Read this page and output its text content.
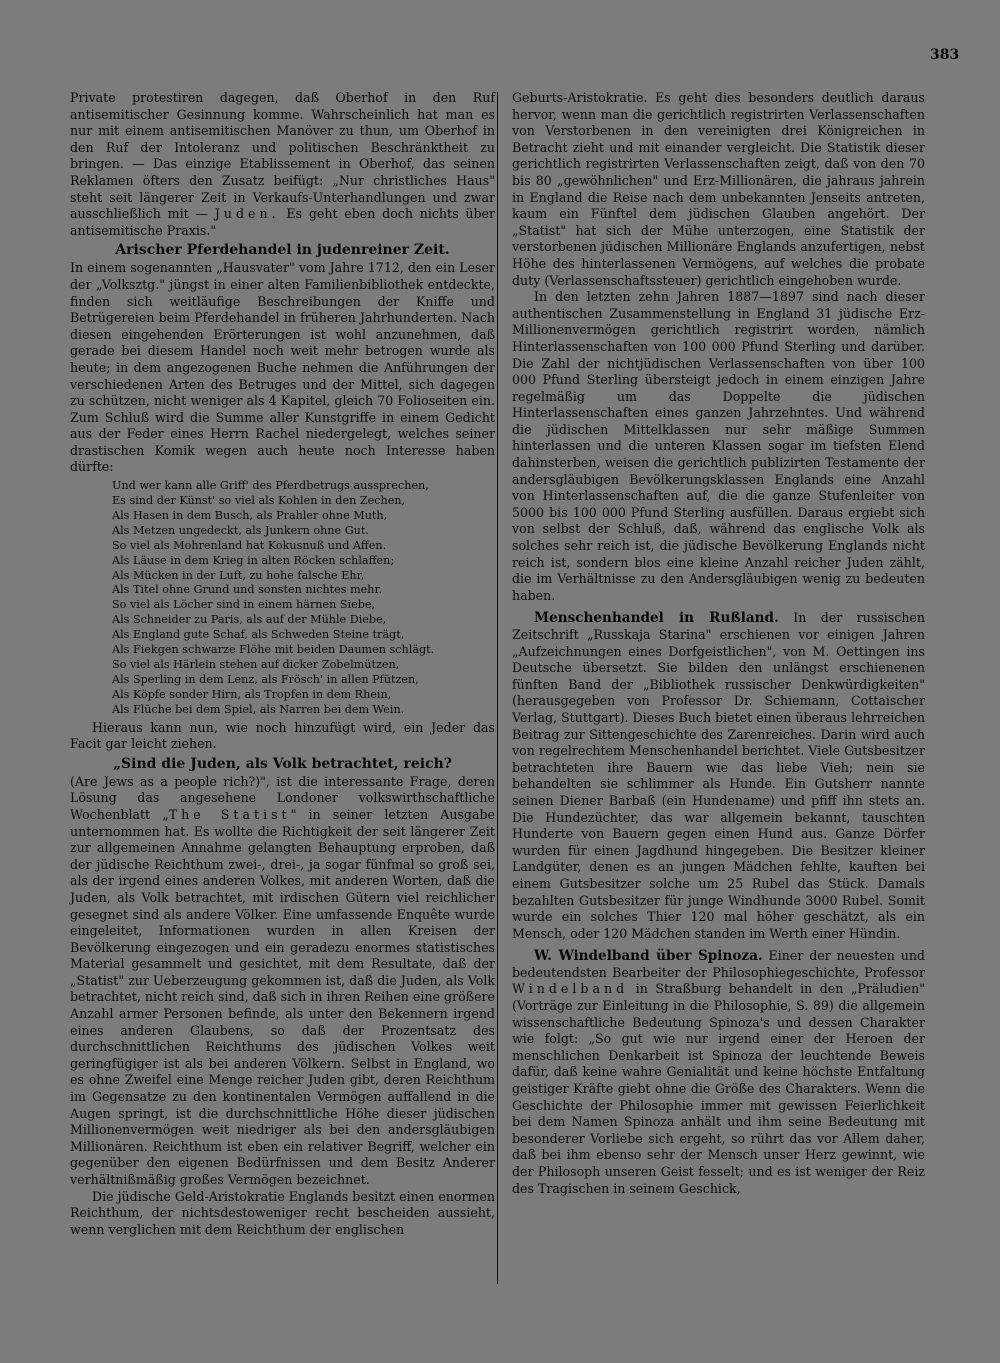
383

Private protestiren dagegen, daß Oberhof in den Ruf antisemitischer Gesinnung komme. Wahrscheinlich hat man es nur mit einem antisemitischen Manöver zu thun, um Oberhof in den Ruf der Intoleranz und politischen Beschränktheit zu bringen. — Das einzige Etablissement in Oberhof, das seinen Reklamen öfters den Zusatz beifügt: „Nur christliches Haus" steht seit längerer Zeit in Verkaufs-Unterhandlungen und zwar ausschließlich mit — Juden. Es geht eben doch nichts über antisemitische Praxis."

Arischer Pferdehandel in judenreiner Zeit.

In einem sogenannten „Hausvater" vom Jahre 1712, den ein Leser der „Volksztg." jüngst in einer alten Familienbibliothek entdeckte, finden sich weitläufige Beschreibungen der Kniffe und Betrügereien beim Pferdehandel in früheren Jahrhunderten. Nach diesen eingehenden Erörterungen ist wohl anzunehmen, daß gerade bei diesem Handel noch weit mehr betrogen wurde als heute; in dem angezogenen Buche nehmen die Anführungen der verschiedenen Arten des Betruges und der Mittel, sich dagegen zu schützen, nicht weniger als 4 Kapitel, gleich 70 Folioseiten ein. Zum Schluß wird die Summe aller Kunstgriffe in einem Gedicht aus der Feder eines Herrn Rachel niedergelegt, welches seiner drastischen Komik wegen auch heute noch Interesse haben dürfte:

Und wer kann alle Griff' des Pferdbetrugs aussprechen,
Es sind der Künst' so viel als Kohlen in den Zechen,
Als Hasen in dem Busch, als Prahler ohne Muth,
Als Metzen ungedeckt, als Junkern ohne Gut.
So viel als Mohrenland hat Kokusnuß und Affen.
Als Läuse in dem Krieg in alten Röcken schlaffen;
Als Mücken in der Luft, zu hohe falsche Ehr,
Als Titel ohne Grund und sonsten nichtes mehr.
So viel als Löcher sind in einem härnen Siebe,
Als Schneider zu Paris, als auf der Mühle Diebe,
Als England gute Schaf, als Schweden Steine trägt,
Als Fiekgen schwarze Flöhe mit beiden Daumen schlägt.
So viel als Härlein stehen auf dicker Zobelmützen,
Als Sperling in dem Lenz, als Frösch' in allen Pfützen,
Als Köpfe sonder Hirn, als Tropfen in dem Rhein,
Als Flüche bei dem Spiel, als Narren bei dem Wein.

Hieraus kann nun, wie noch hinzufügt wird, ein Jeder das Facit gar leicht ziehen.

„Sind die Juden, als Volk betrachtet, reich?

(Are Jews as a people rich?)", ist die interessante Frage, deren Lösung das angesehene Londoner volkswirthschaftliche Wochenblatt „The Statist" in seiner letzten Ausgabe unternommen hat. Es wollte die Richtigkeit der seit längerer Zeit zur allgemeinen Annahme gelangten Behauptung erproben, daß der jüdische Reichthum zwei-, drei-, ja sogar fünfmal so groß sei, als der irgend eines anderen Volkes, mit anderen Worten, daß die Juden, als Volk betrachtet, mit irdischen Gütern viel reichlicher gesegnet sind als andere Völker. Eine umfassende Enquête wurde eingeleitet, Informationen wurden in allen Kreisen der Bevölkerung eingezogen und ein geradezu enormes statistisches Material gesammelt und gesichtet, mit dem Resultate, daß der „Statist" zur Ueberzeugung gekommen ist, daß die Juden, als Volk betrachtet, nicht reich sind, daß sich in ihren Reihen eine größere Anzahl armer Personen befinde, als unter den Bekennern irgend eines anderen Glaubens, so daß der Prozentsatz des durchschnittlichen Reichthums des jüdischen Volkes weit geringfügiger ist als bei anderen Völkern. Selbst in England, wo es ohne Zweifel eine Menge reicher Juden gibt, deren Reichthum im Gegensatze zu den kontinentalen Vermögen auffallend in die Augen springt, ist die durchschnittliche Höhe dieser jüdischen Millionenvermögen weit niedriger als bei den andersgläubigen Millionären. Reichthum ist eben ein relativer Begriff, welcher ein gegenüber den eigenen Bedürfnissen und dem Besitz Anderer verhältnißmäßig großes Vermögen bezeichnet.

Die jüdische Geld-Aristokratie Englands besitzt einen enormen Reichthum, der nichtsdestoweniger recht bescheiden aussieht, wenn verglichen mit dem Reichthum der englischen

Geburts-Aristokratie. Es geht dies besonders deutlich daraus hervor, wenn man die gerichtlich registrirten Verlassenschaften von Verstorbenen in den vereinigten drei Königreichen in Betracht zieht und mit einander vergleicht. Die Statistik dieser gerichtlich registrirten Verlassenschaften zeigt, daß von den 70 bis 80 „gewöhnlichen" und Erz-Millionären, die jahraus jahrein in England die Reise nach dem unbekannten Jenseits antreten, kaum ein Fünftel dem jüdischen Glauben angehört. Der „Statist" hat sich der Mühe unterzogen, eine Statistik der verstorbenen jüdischen Millionäre Englands anzufertigen, nebst Höhe des hinterlassenen Vermögens, auf welches die probate duty (Verlassenschaftssteuer) gerichtlich eingehoben wurde.

In den letzten zehn Jahren 1887—1897 sind nach dieser authentischen Zusammenstellung in England 31 jüdische Erz-Millionenvermögen gerichtlich registrirt worden, nämlich Hinterlassenschaften von 100 000 Pfund Sterling und darüber. Die Zahl der nichtjüdischen Verlassenschaften von über 100 000 Pfund Sterling übersteigt jedoch in einem einzigen Jahre regelmäßig um das Doppelte die jüdischen Hinterlassenschaften eines ganzen Jahrzehntes. Und während die jüdischen Mittelklassen nur sehr mäßige Summen hinterlassen und die unteren Klassen sogar im tiefsten Elend dahinsterben, weisen die gerichtlich publizirten Testamente der andersgläubigen Bevölkerungsklassen Englands eine Anzahl von Hinterlassenschaften auf, die die ganze Stufenleiter von 5000 bis 100 000 Pfund Sterling ausfüllen. Daraus ergiebt sich von selbst der Schluß, daß, während das englische Volk als solches sehr reich ist, die jüdische Bevölkerung Englands nicht reich ist, sondern blos eine kleine Anzahl reicher Juden zählt, die im Verhältnisse zu den Andersgläubigen wenig zu bedeuten haben.

Menschenhandel in Rußland. In der russischen Zeitschrift „Russkaja Starina" erschienen vor einigen Jahren „Aufzeichnungen eines Dorfgeistlichen", von M. Oettingen ins Deutsche übersetzt. Sie bilden den unlängst erschienenen fünften Band der „Bibliothek russischer Denkwürdigkeiten" (herausgegeben von Professor Dr. Schiemann, Cottaischer Verlag, Stuttgart). Dieses Buch bietet einen überaus lehrreichen Beitrag zur Sittengeschichte des Zarenreiches. Darin wird auch von regelrechtem Menschenhandel berichtet. Viele Gutsbesitzer betrachteten ihre Bauern wie das liebe Vieh; nein sie behandelten sie schlimmer als Hunde. Ein Gutsherr nannte seinen Diener Barbaß (ein Hundename) und pfiff ihn stets an. Die Hundezüchter, das war allgemein bekannt, tauschten Hunderte von Bauern gegen einen Hund aus. Ganze Dörfer wurden für einen Jagdhund hingegeben. Die Besitzer kleiner Landgüter, denen es an jungen Mädchen fehlte, kauften bei einem Gutsbesitzer solche um 25 Rubel das Stück. Damals bezahlten Gutsbesitzer für junge Windhunde 3000 Rubel. Somit wurde ein solches Thier 120 mal höher geschätzt, als ein Mensch, oder 120 Mädchen standen im Werth einer Hündin.

W. Windelband über Spinoza. Einer der neuesten und bedeutendsten Bearbeiter der Philosophiegeschichte, Professor Windelband in Straßburg behandelt in den „Präludien" (Vorträge zur Einleitung in die Philosophie, S. 89) die allgemein wissenschaftliche Bedeutung Spinoza's und dessen Charakter wie folgt: „So gut wie nur irgend einer der Heroen der menschlichen Denkarbeit ist Spinoza der leuchtende Beweis dafür, daß keine wahre Genialität und keine höchste Entfaltung geistiger Kräfte giebt ohne die Größe des Charakters. Wenn die Geschichte der Philosophie immer mit gewissen Feierlichkeit bei dem Namen Spinoza anhält und ihm seine Bedeutung mit besonderer Vorliebe sich ergeht, so rührt das vor Allem daher, daß bei ihm ebenso sehr der Mensch unser Herz gewinnt, wie der Philosoph unseren Geist fesselt; und es ist weniger der Reiz des Tragischen in seinem Geschick,
